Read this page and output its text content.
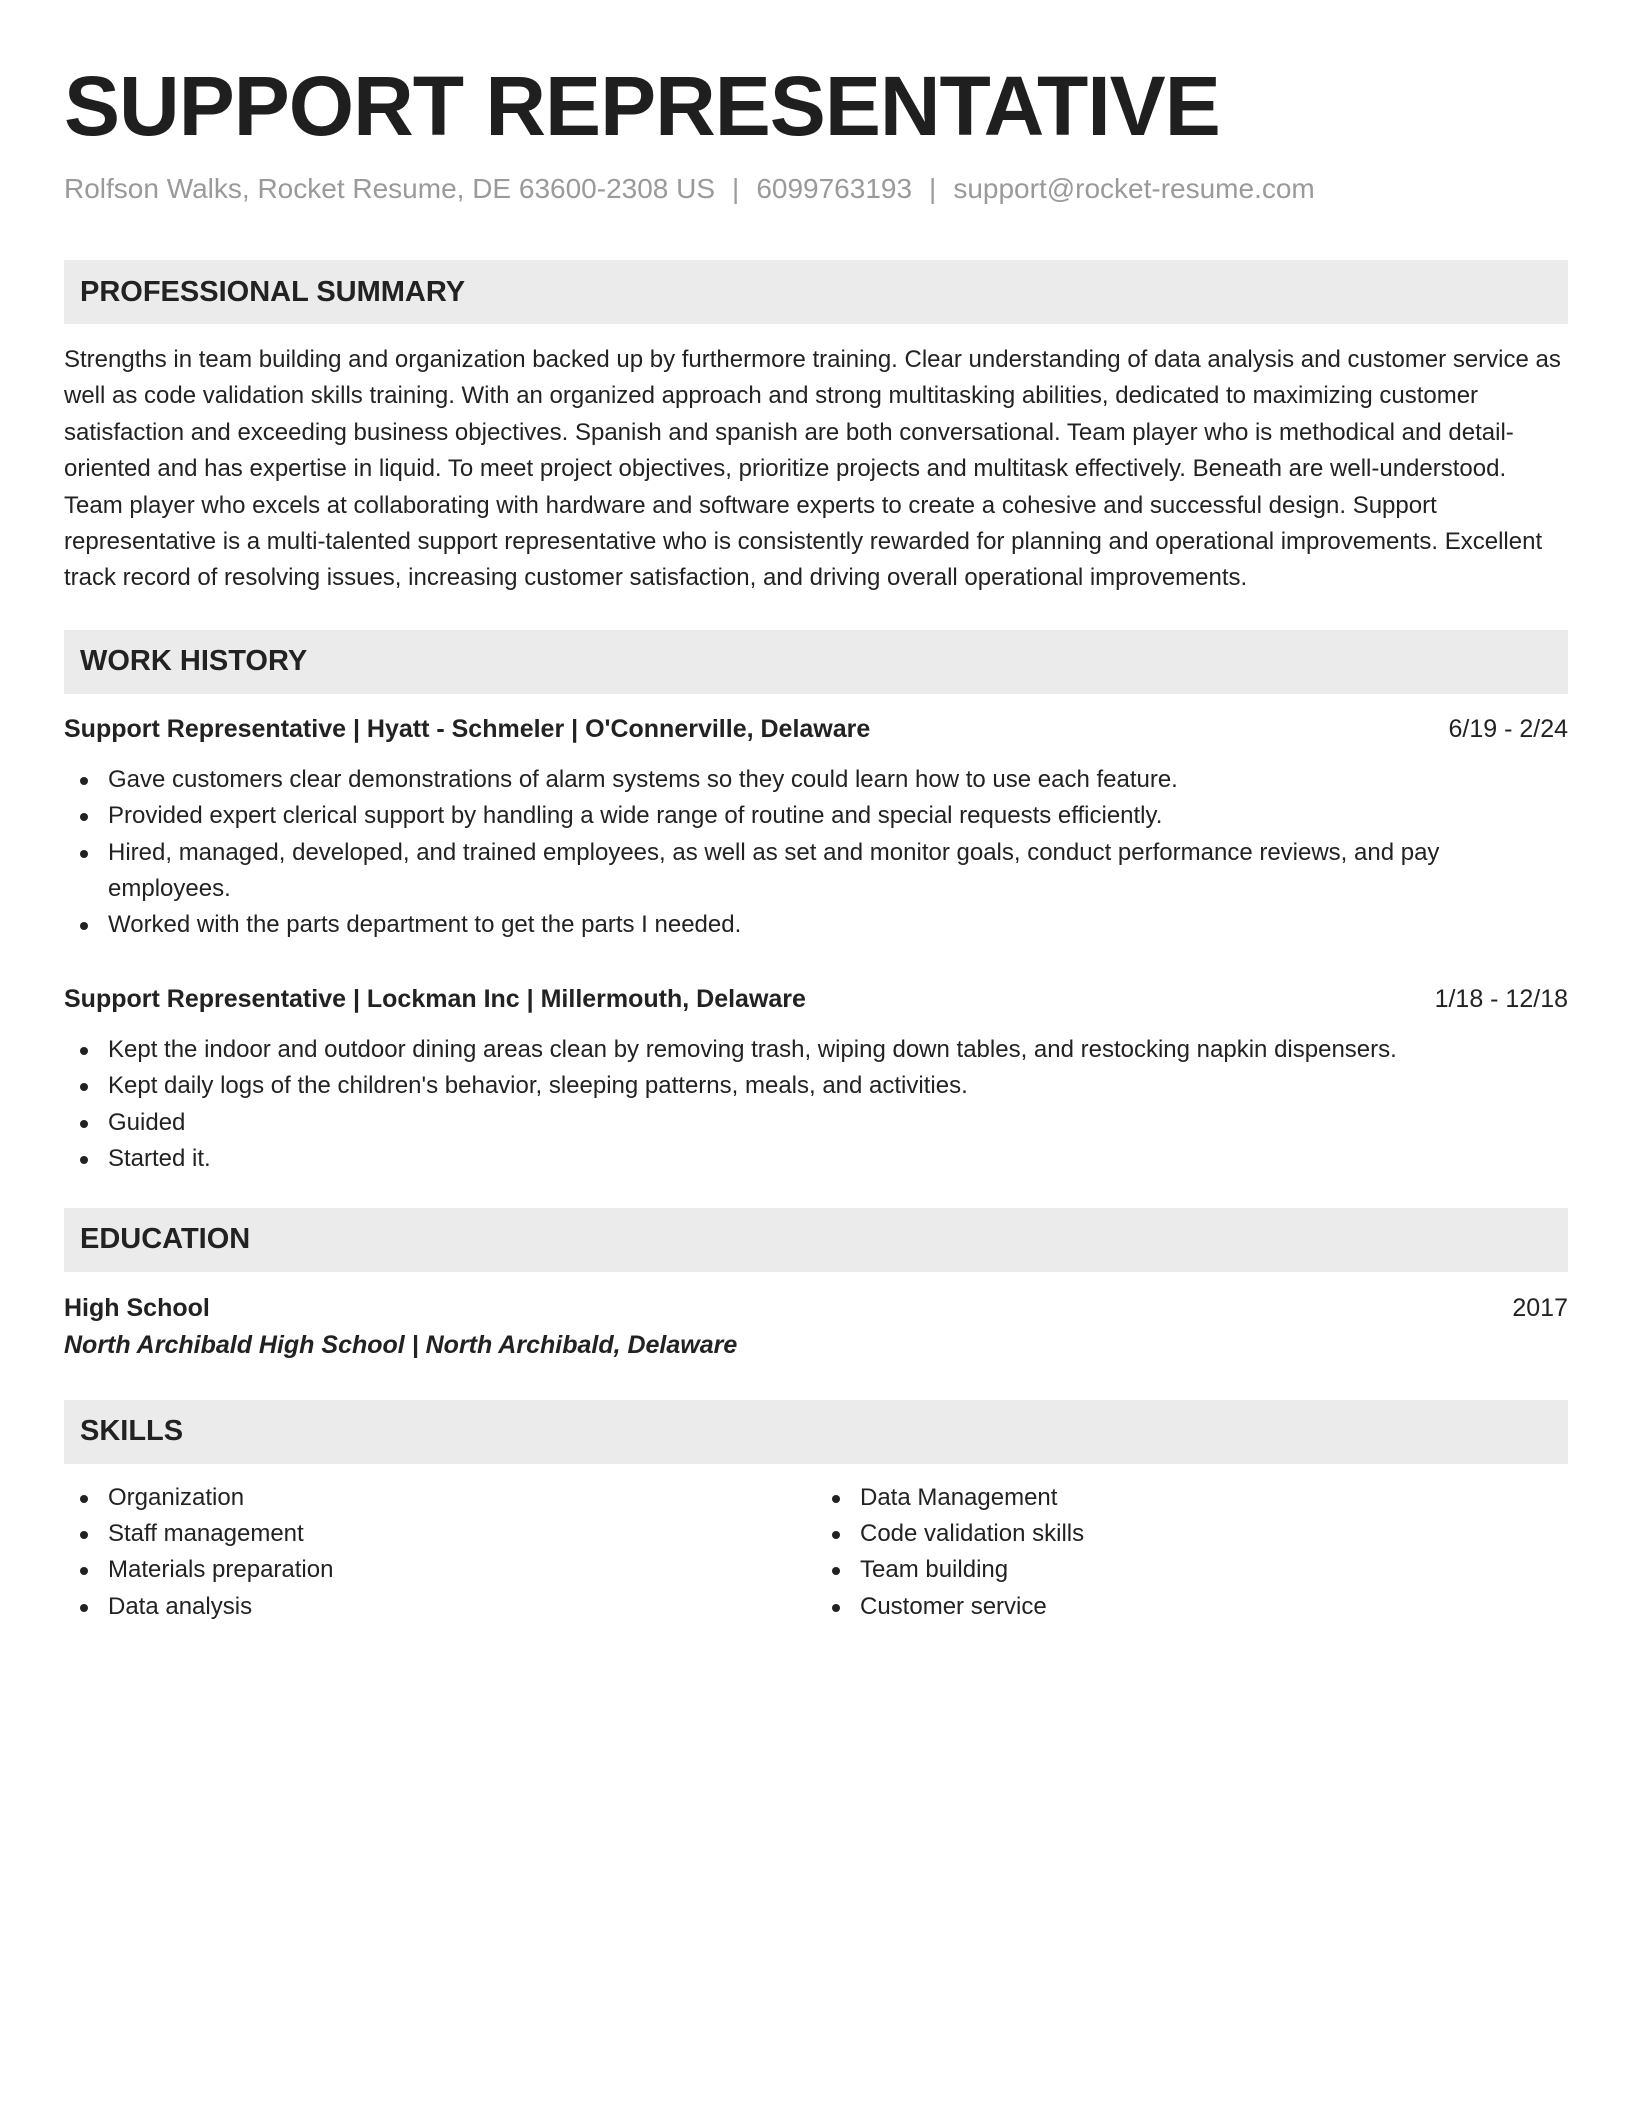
SUPPORT REPRESENTATIVE
Rolfson Walks, Rocket Resume, DE 63600-2308 US | 6099763193 | support@rocket-resume.com
PROFESSIONAL SUMMARY
Strengths in team building and organization backed up by furthermore training. Clear understanding of data analysis and customer service as well as code validation skills training. With an organized approach and strong multitasking abilities, dedicated to maximizing customer satisfaction and exceeding business objectives. Spanish and spanish are both conversational. Team player who is methodical and detail-oriented and has expertise in liquid. To meet project objectives, prioritize projects and multitask effectively. Beneath are well-understood. Team player who excels at collaborating with hardware and software experts to create a cohesive and successful design. Support representative is a multi-talented support representative who is consistently rewarded for planning and operational improvements. Excellent track record of resolving issues, increasing customer satisfaction, and driving overall operational improvements.
WORK HISTORY
Support Representative | Hyatt - Schmeler | O'Connerville, Delaware	6/19 - 2/24
Gave customers clear demonstrations of alarm systems so they could learn how to use each feature.
Provided expert clerical support by handling a wide range of routine and special requests efficiently.
Hired, managed, developed, and trained employees, as well as set and monitor goals, conduct performance reviews, and pay employees.
Worked with the parts department to get the parts I needed.
Support Representative | Lockman Inc | Millermouth, Delaware	1/18 - 12/18
Kept the indoor and outdoor dining areas clean by removing trash, wiping down tables, and restocking napkin dispensers.
Kept daily logs of the children's behavior, sleeping patterns, meals, and activities.
Guided
Started it.
EDUCATION
High School	2017
North Archibald High School | North Archibald, Delaware
SKILLS
Organization
Staff management
Materials preparation
Data analysis
Data Management
Code validation skills
Team building
Customer service
